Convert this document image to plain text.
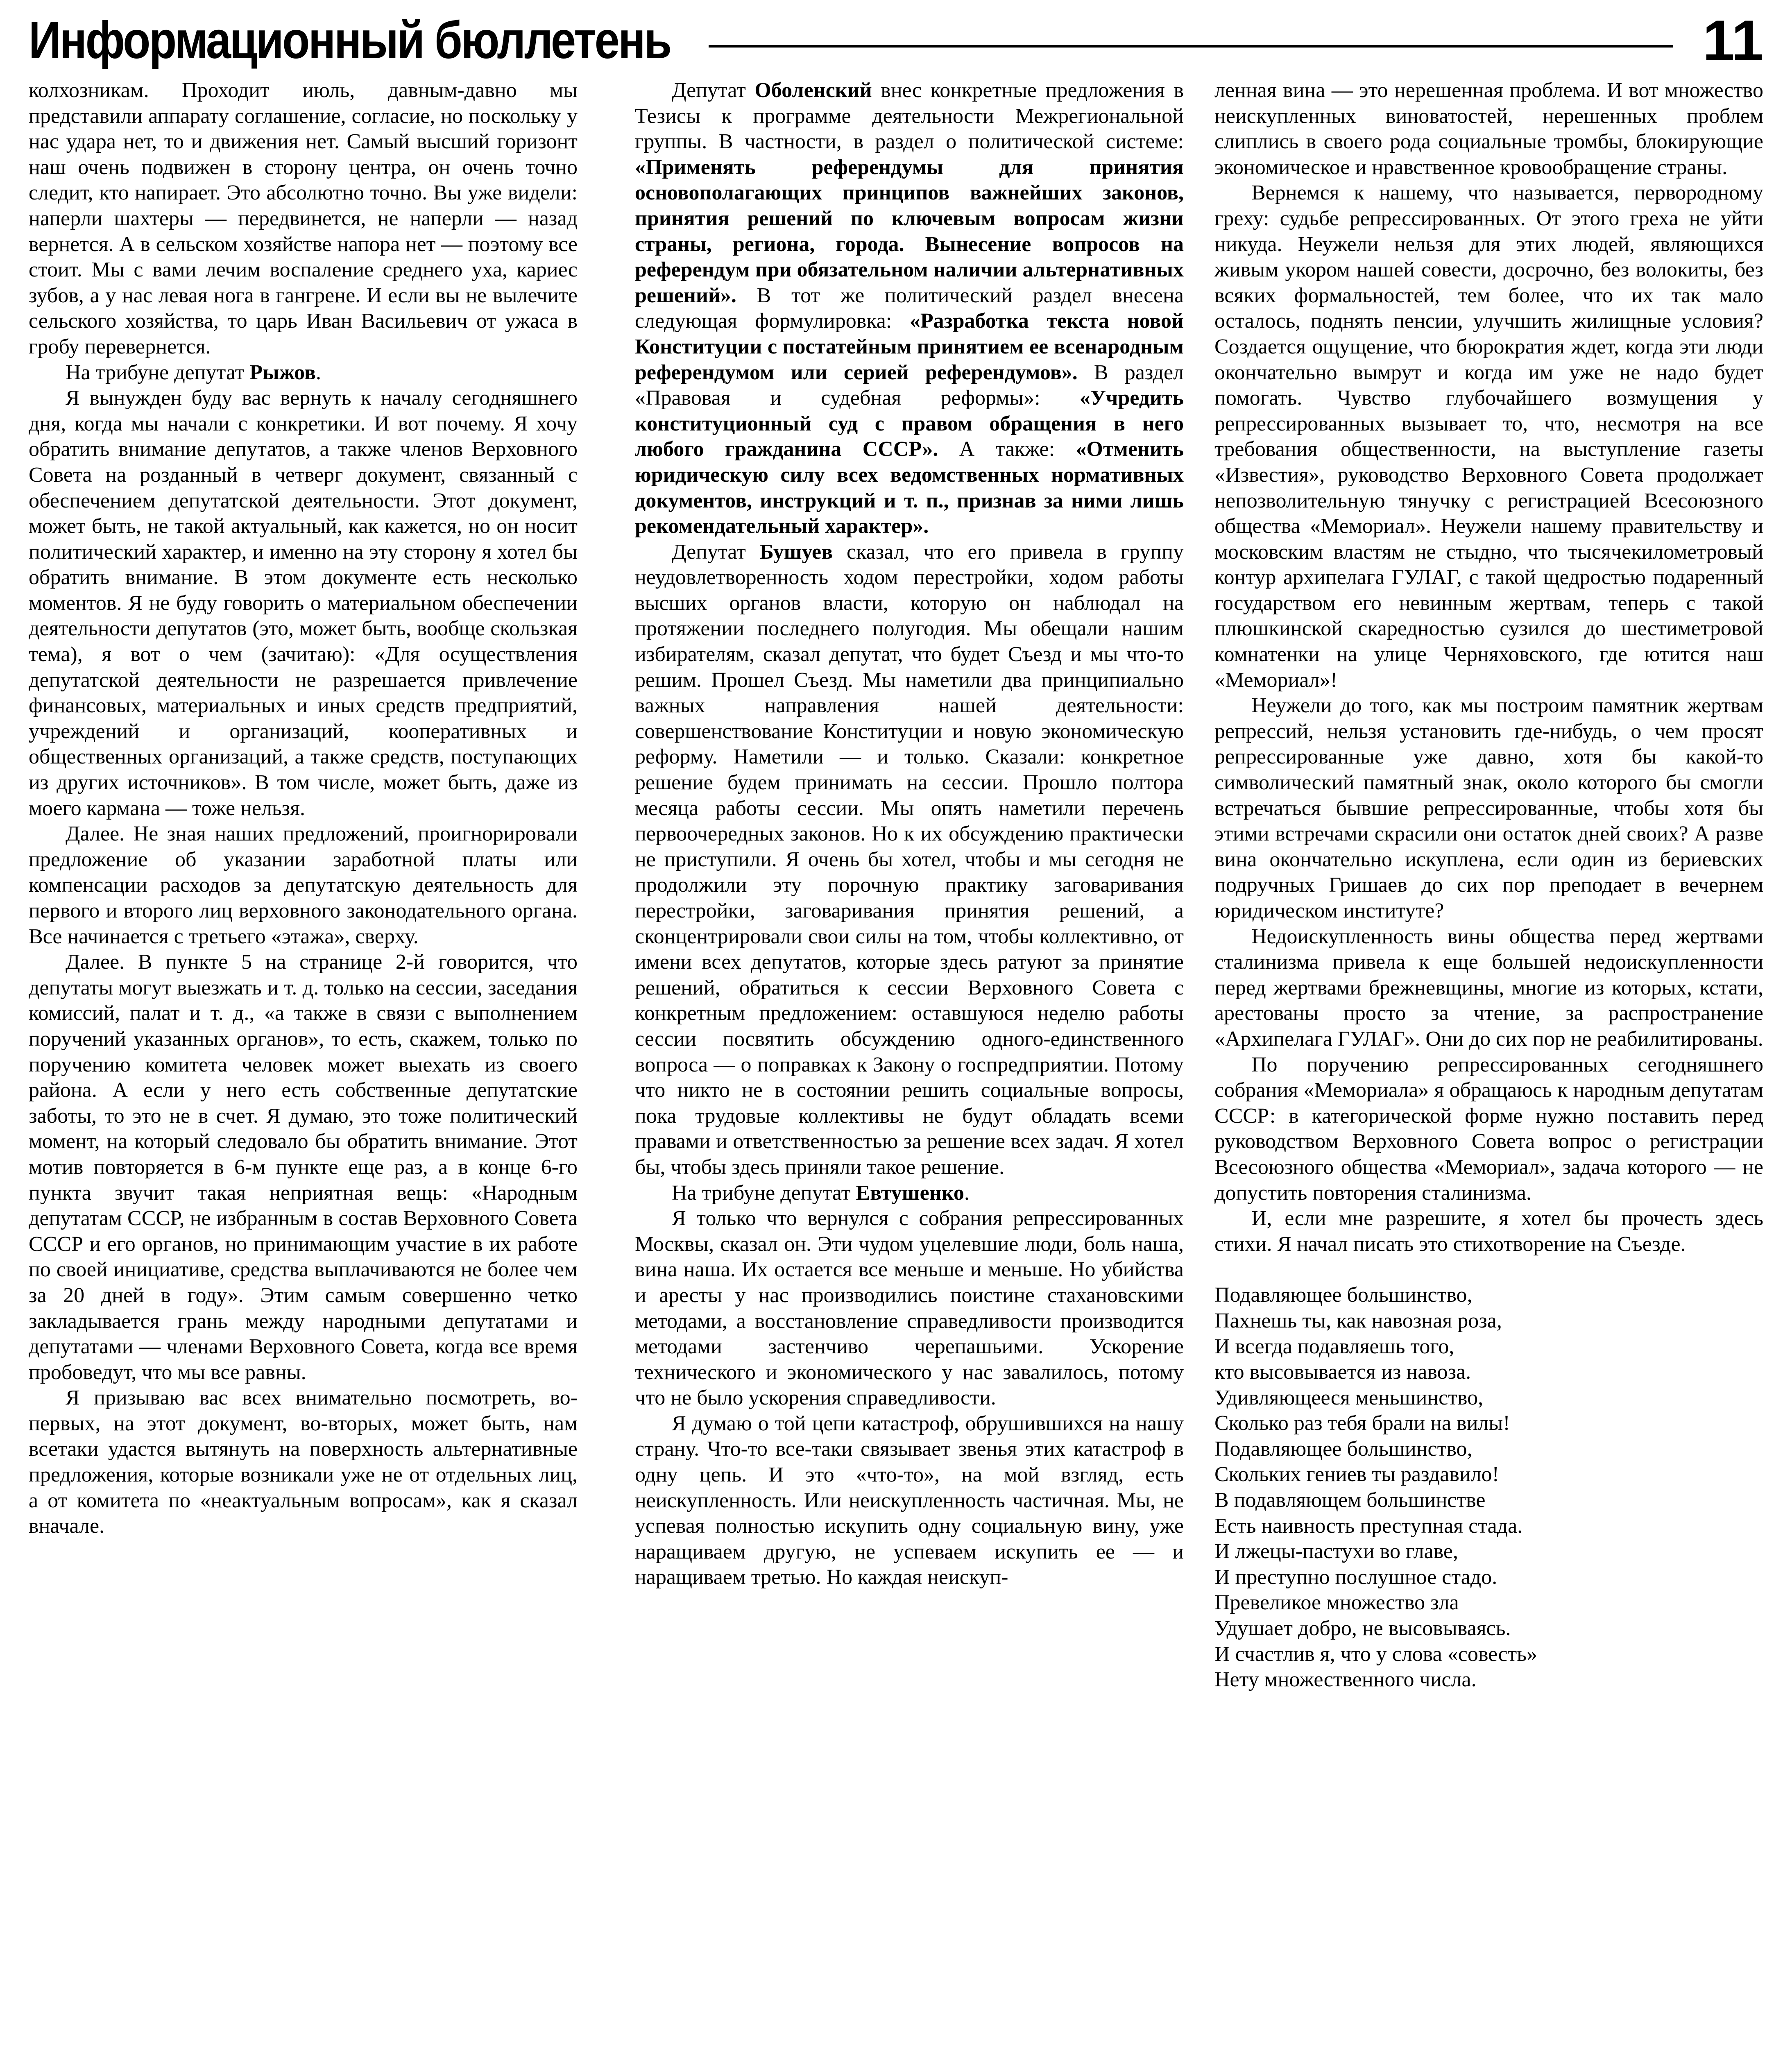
Информационный бюллетень	11

колхозникам. Проходит июль, давным-давно мы представили аппарату соглашение, согласие, но поскольку у нас удара нет, то и движения нет. Самый высший горизонт наш очень подвижен в сторону центра, он очень точно следит, кто напирает. Это абсолютно точно. Вы уже видели: наперли шахтеры — передвинется, не наперли — назад вернется. А в сельском хозяйстве напора нет — поэтому все стоит. Мы с вами лечим воспаление среднего уха, кариес зубов, а у нас левая нога в гангрене. И если вы не вылечите сельского хозяйства, то царь Иван Васильевич от ужаса в гробу перевернется.

На трибуне депутат Рыжов.

Я вынужден буду вас вернуть к началу сегодняшнего дня, когда мы начали с конкретики. И вот почему. Я хочу обратить внимание депутатов, а также членов Верховного Совета на розданный в четверг документ, связанный с обеспечением депутатской деятельности. Этот документ, может быть, не такой актуальный, как кажется, но он носит политический характер, и именно на эту сторону я хотел бы обратить внимание. В этом документе есть несколько моментов. Я не буду говорить о материальном обеспечении деятельности депутатов (это, может быть, вообще скользкая тема), я вот о чем (зачитаю): «Для осуществления депутатской деятельности не разрешается привлечение финансовых, материальных и иных средств предприятий, учреждений и организаций, кооперативных и общественных организаций, а также средств, поступающих из других источников». В том числе, может быть, даже из моего кармана — тоже нельзя.

Далее. Не зная наших предложений, проигнорировали предложение об указании заработной платы или компенсации расходов за депутатскую деятельность для первого и второго лиц верховного законодательного органа. Все начинается с третьего «этажа», сверху.

Далее. В пункте 5 на странице 2-й говорится, что депутаты могут выезжать и т. д. только на сессии, заседания комиссий, палат и т. д., «а также в связи с выполнением поручений указанных органов», то есть, скажем, только по поручению комитета человек может выехать из своего района. А если у него есть собственные депутатские заботы, то это не в счет. Я думаю, это тоже политический момент, на который следовало бы обратить внимание. Этот мотив повторяется в 6-м пункте еще раз, а в конце 6-го пункта звучит такая неприятная вещь: «Народным депутатам СССР, не избранным в состав Верховного Совета СССР и его органов, но принимающим участие в их работе по своей инициативе, средства выплачиваются не более чем за 20 дней в году». Этим самым совершенно четко закладывается грань между народными депутатами и депутатами — членами Верховного Совета, когда все время пробоведут, что мы все равны.

Я призываю вас всех внимательно посмотреть, во-первых, на этот документ, во-вторых, может быть, нам всетаки удастся вытянуть на поверхность альтернативные предложения, которые возникали уже не от отдельных лиц, а от комитета по «неактуальным вопросам», как я сказал вначале.

Депутат Оболенский внес конкретные предложения в Тезисы к программе деятельности Межрегиональной группы. В частности, в раздел о политической системе: «Применять референдумы для принятия основополагающих принципов важнейших законов, принятия решений по ключевым вопросам жизни страны, региона, города. Вынесение вопросов на референдум при обязательном наличии альтернативных решений». В тот же политический раздел внесена следующая формулировка: «Разработка текста новой Конституции с постатейным принятием ее всенародным референдумом или серией референдумов». В раздел «Правовая и судебная реформы»: «Учредить конституционный суд с правом обращения в него любого гражданина СССР». А также: «Отменить юридическую силу всех ведомственных нормативных документов, инструкций и т. п., признав за ними лишь рекомендательный характер».

Депутат Бушуев сказал, что его привела в группу неудовлетворенность ходом перестройки, ходом работы высших органов власти, которую он наблюдал на протяжении последнего полугодия. Мы обещали нашим избирателям, сказал депутат, что будет Съезд и мы что-то решим. Прошел Съезд. Мы наметили два принципиально важных направления нашей деятельности: совершенствование Конституции и новую экономическую реформу. Наметили — и только. Сказали: конкретное решение будем принимать на сессии. Прошло полтора месяца работы сессии. Мы опять наметили перечень первоочередных законов. Но к их обсуждению практически не приступили. Я очень бы хотел, чтобы и мы сегодня не продолжили эту порочную практику заговаривания перестройки, заговаривания принятия решений, а сконцентрировали свои силы на том, чтобы коллективно, от имени всех депутатов, которые здесь ратуют за принятие решений, обратиться к сессии Верховного Совета с конкретным предложением: оставшуюся неделю работы сессии посвятить обсуждению одного-единственного вопроса — о поправках к Закону о госпредприятии. Потому что никто не в состоянии решить социальные вопросы, пока трудовые коллективы не будут обладать всеми правами и ответственностью за решение всех задач. Я хотел бы, чтобы здесь приняли такое решение.

На трибуне депутат Евтушенко.

Я только что вернулся с собрания репрессированных Москвы, сказал он. Эти чудом уцелевшие люди, боль наша, вина наша. Их остается все меньше и меньше. Но убийства и аресты у нас производились поистине стахановскими методами, а восстановление справедливости производится методами застенчиво черепашьими. Ускорение технического и экономического у нас завалилось, потому что не было ускорения справедливости.

Я думаю о той цепи катастроф, обрушившихся на нашу страну. Что-то все-таки связывает звенья этих катастроф в одну цепь. И это «что-то», на мой взгляд, есть неискупленность. Или неискупленность частичная. Мы, не успевая полностью искупить одну социальную вину, уже наращиваем другую, не успеваем искупить ее — и наращиваем третью. Но каждая неискуп-

ленная вина — это нерешенная проблема. И вот множество неискупленных виноватостей, нерешенных проблем слиплись в своего рода социальные тромбы, блокирующие экономическое и нравственное кровообращение страны.

Вернемся к нашему, что называется, первородному греху: судьбе репрессированных. От этого греха не уйти никуда. Неужели нельзя для этих людей, являющихся живым укором нашей совести, досрочно, без волокиты, без всяких формальностей, тем более, что их так мало осталось, поднять пенсии, улучшить жилищные условия? Создается ощущение, что бюрократия ждет, когда эти люди окончательно вымрут и когда им уже не надо будет помогать. Чувство глубочайшего возмущения у репрессированных вызывает то, что, несмотря на все требования общественности, на выступление газеты «Известия», руководство Верховного Совета продолжает непозволительную тянучку с регистрацией Всесоюзного общества «Мемориал». Неужели нашему правительству и московским властям не стыдно, что тысячекилометровый контур архипелага ГУЛАГ, с такой щедростью подаренный государством его невинным жертвам, теперь с такой плюшкинской скаредностью сузился до шестиметровой комнатенки на улице Черняховского, где ютится наш «Мемориал»!

Неужели до того, как мы построим памятник жертвам репрессий, нельзя установить где-нибудь, о чем просят репрессированные уже давно, хотя бы какой-то символический памятный знак, около которого бы смогли встречаться бывшие репрессированные, чтобы хотя бы этими встречами скрасили они остаток дней своих? А разве вина окончательно искуплена, если один из бериевских подручных Гришаев до сих пор преподает в вечернем юридическом институте?

Недоискупленность вины общества перед жертвами сталинизма привела к еще большей недоискупленности перед жертвами брежневщины, многие из которых, кстати, арестованы просто за чтение, за распространение «Архипелага ГУЛАГ». Они до сих пор не реабилитированы.

По поручению репрессированных сегодняшнего собрания «Мемориала» я обращаюсь к народным депутатам СССР: в категорической форме нужно поставить перед руководством Верховного Совета вопрос о регистрации Всесоюзного общества «Мемориал», задача которого — не допустить повторения сталинизма.

И, если мне разрешите, я хотел бы прочесть здесь стихи. Я начал писать это стихотворение на Съезде.

Подавляющее большинство,
Пахнешь ты, как навозная роза,
И всегда подавляешь того,
кто высовывается из навоза.
Удивляющееся меньшинство,
Сколько раз тебя брали на вилы!
Подавляющее большинство,
Скольких гениев ты раздавило!
В подавляющем большинстве
Есть наивность преступная стада.
И лжецы-пастухи во главе,
И преступно послушное стадо.
Превеликое множество зла
Удушает добро, не высовываясь.
И счастлив я, что у слова «совесть»
Нету множественного числа.
